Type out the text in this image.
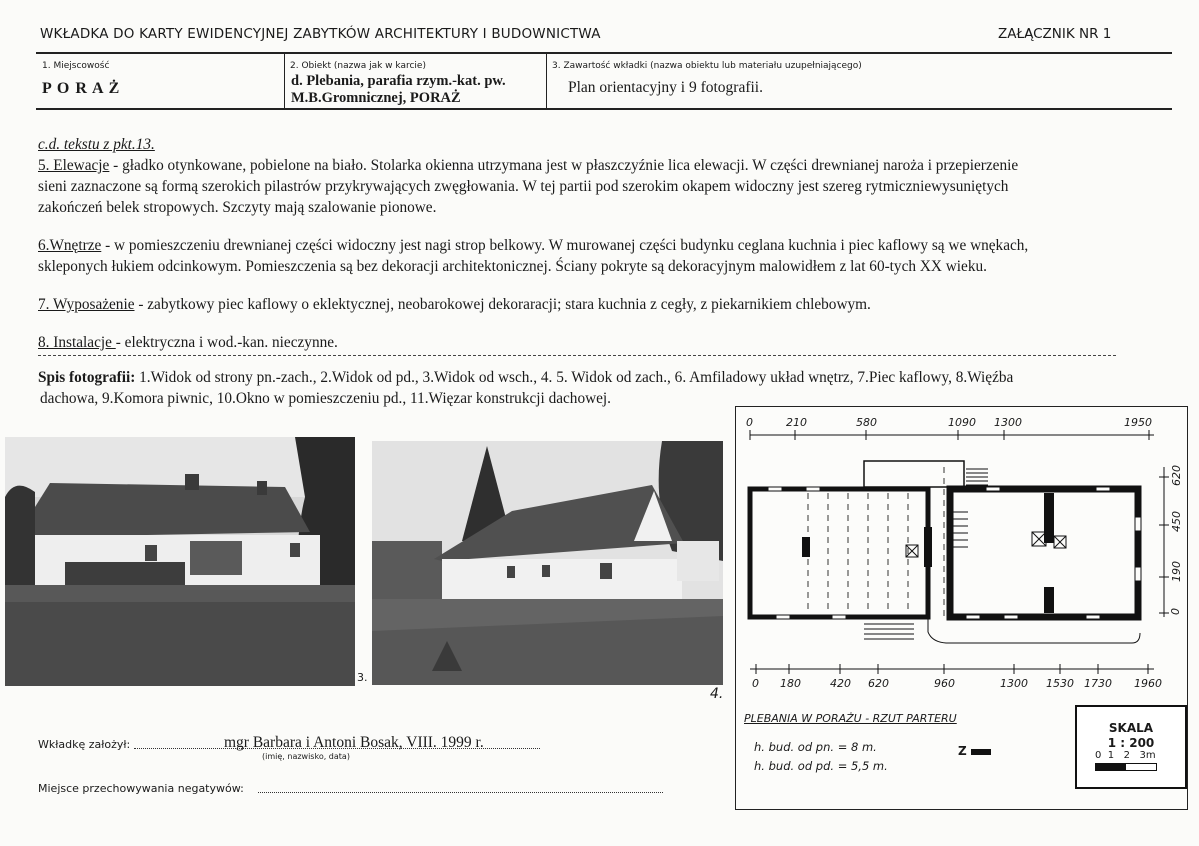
WKŁADKA DO KARTY EWIDENCYJNEJ ZABYTKÓW ARCHITEKTURY I BUDOWNICTWA	ZAŁĄCZNIK NR 1
1. Miejscowość
P O R A Ż
2. Obiekt (nazwa jak w karcie)
d. Plebania, parafia rzym.-kat. pw.
M.B.Gromnicznej, PORAŻ
3. Zawartość wkładki (nazwa obiektu lub materiału uzupełniającego)
Plan orientacyjny i 9 fotografii.
c.d. tekstu z pkt.13.
5. Elewacje - gładko otynkowane, pobielone na biało. Stolarka okienna utrzymana jest w płaszczyźnie lica elewacji. W części drewnianej naroża i przepierzenie
sieni zaznaczone są formą szerokich pilastrów przykrywających zwęgłowania. W tej partii pod szerokim okapem widoczny jest szereg rytmiczniewysuniętych
zakończeń belek stropowych. Szczyty mają szalowanie pionowe.
6.Wnętrze - w pomieszczeniu drewnianej części widoczny jest nagi strop belkowy. W murowanej części budynku ceglana kuchnia i piec kaflowy są we wnękach,
skleponych łukiem odcinkowym. Pomieszczenia są bez dekoracji architektonicznej. Ściany pokryte są dekoracyjnym malowidłem z lat 60-tych XX wieku.
7. Wyposażenie - zabytkowy piec kaflowy o eklektycznej, neobarokowej dekoraracji; stara kuchnia z cegły, z piekarnikiem chlebowym.
8. Instalacje - elektryczna i wod.-kan. nieczynne.
Spis fotografii: 1.Widok od strony pn.-zach., 2.Widok od pd., 3.Widok od wsch., 4. 5. Widok od zach., 6. Amfiladowy układ wnętrz, 7.Piec kaflowy, 8.Więźba
dachowa, 9.Komora piwnic, 10.Okno w pomieszczeniu pd., 11.Więzar konstrukcji dachowej.
3.
4.
0	210	580	1090 1300	1950
620
450
190
0
0 180	420 620	960	1300 1530 1730 1960
PLEBANIA W PORAŻU - RZUT PARTERU
h. bud. od pn. = 8 m.
h. bud. od pd. = 5,5 m.
Z
SKALA
1 : 200
0  1   2   3m
Wkładkę założył:	mgr Barbara i Antoni Bosak, VIII. 1999 r.
(imię, nazwisko, data)
Miejsce przechowywania negatywów:
